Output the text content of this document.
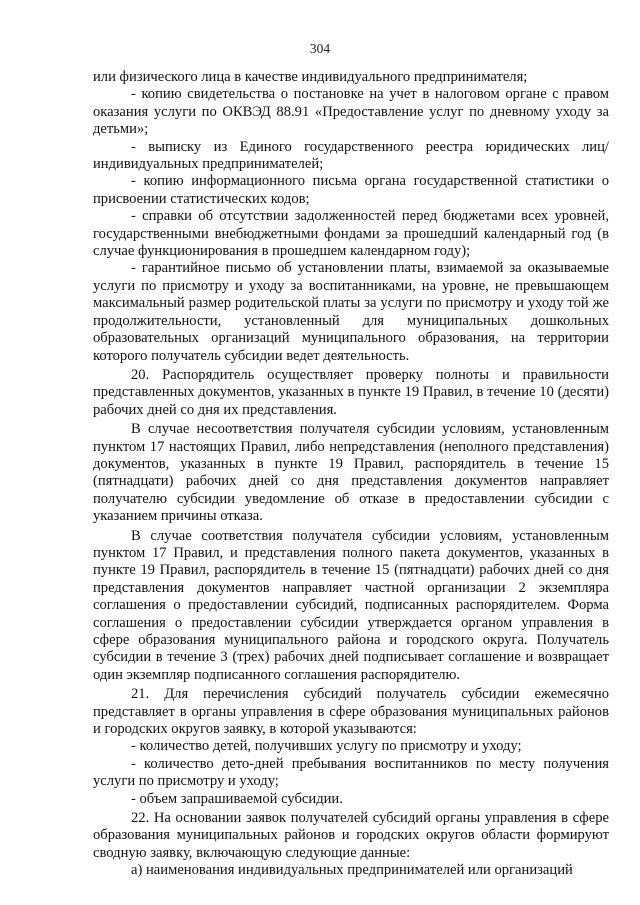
304

или физического лица в качестве индивидуального предпринимателя;

- копию свидетельства о постановке на учет в налоговом органе с правом оказания услуги по ОКВЭД 88.91 «Предоставление услуг по дневному уходу за детьми»;

- выписку из Единого государственного реестра юридических лиц/индивидуальных предпринимателей;

- копию информационного письма органа государственной статистики о присвоении статистических кодов;

- справки об отсутствии задолженностей перед бюджетами всех уровней, государственными внебюджетными фондами за прошедший календарный год (в случае функционирования в прошедшем календарном году);

- гарантийное письмо об установлении платы, взимаемой за оказываемые услуги по присмотру и уходу за воспитанниками, на уровне, не превышающем максимальный размер родительской платы за услуги по присмотру и уходу той же продолжительности, установленный для муниципальных дошкольных образовательных организаций муниципального образования, на территории которого получатель субсидии ведет деятельность.

20. Распорядитель осуществляет проверку полноты и правильности представленных документов, указанных в пункте 19 Правил, в течение 10 (десяти) рабочих дней со дня их представления.

В случае несоответствия получателя субсидии условиям, установленным пунктом 17 настоящих Правил, либо непредставления (неполного представления) документов, указанных в пункте 19 Правил, распорядитель в течение 15 (пятнадцати) рабочих дней со дня представления документов направляет получателю субсидии уведомление об отказе в предоставлении субсидии с указанием причины отказа.

В случае соответствия получателя субсидии условиям, установленным пунктом 17 Правил, и представления полного пакета документов, указанных в пункте 19 Правил, распорядитель в течение 15 (пятнадцати) рабочих дней со дня представления документов направляет частной организации 2 экземпляра соглашения о предоставлении субсидий, подписанных распорядителем. Форма соглашения о предоставлении субсидии утверждается органом управления в сфере образования муниципального района и городского округа. Получатель субсидии в течение 3 (трех) рабочих дней подписывает соглашение и возвращает один экземпляр подписанного соглашения распорядителю.

21. Для перечисления субсидий получатель субсидии ежемесячно представляет в органы управления в сфере образования муниципальных районов и городских округов заявку, в которой указываются:

- количество детей, получивших услугу по присмотру и уходу;

- количество дето-дней пребывания воспитанников по месту получения услуги по присмотру и уходу;

- объем запрашиваемой субсидии.

22. На основании заявок получателей субсидий органы управления в сфере образования муниципальных районов и городских округов области формируют сводную заявку, включающую следующие данные:

а) наименования индивидуальных предпринимателей или организаций
